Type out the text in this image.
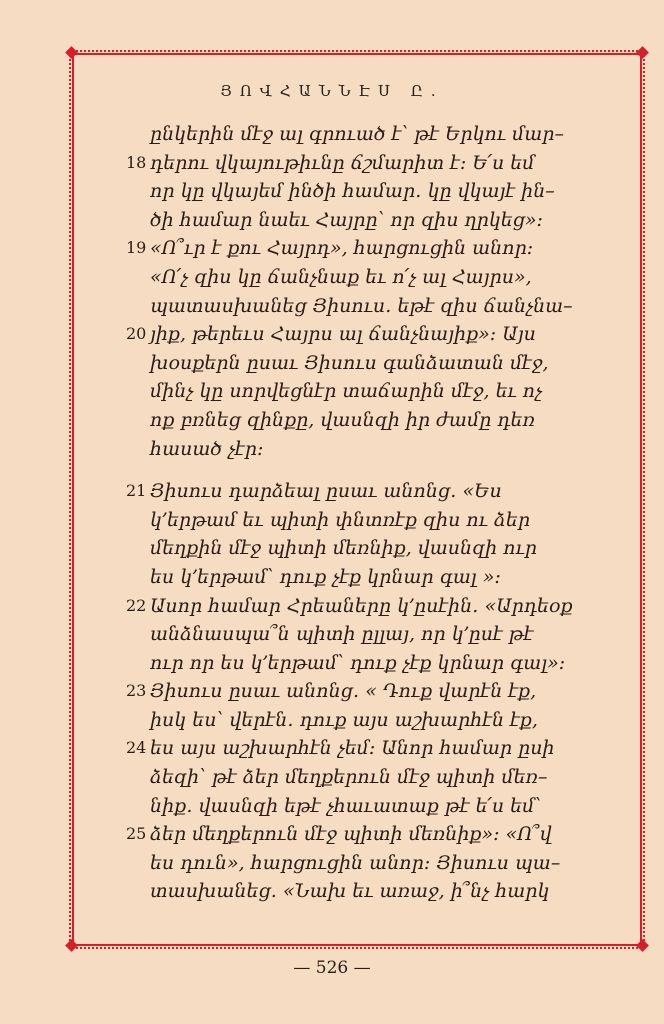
ՅՈՎՀԱՆՆԷՍ Ը.
ընկերին մէջ ալ գրուած է՝ թէ Երկու մար–
18 դերու վկայութիւնը ճշմարիտ է։ Ե՛ս եմ
որ կը վկայեմ ինծի համար․ կը վկայէ ին–
ծի համար նաեւ Հայրը՝ որ զիս ղրկեց»։
19 «Ո՞ւր է քու Հայրդ», հարցուցին անոր։
«Ո՛չ զիս կը ճանչնաք եւ ո՛չ ալ Հայրս»,
պատասխանեց Յիսուս․ եթէ զիս ճանչնա–
20 յիք, թերեւս Հայրս ալ ճանչնայիք»։ Այս
խօսքերն ըսաւ Յիսուս գանձատան մէջ,
մինչ կը սորվեցնէր տաճարին մէջ, եւ ոչ
ոք բռնեց զինքը, վասնզի իր ժամը դեռ
հասած չէր։
21 Յիսուս դարձեալ ըսաւ անոնց․ «Ես
կ՚երթամ եւ պիտի փնտռէք զիս ու ձեր
մեղքին մէջ պիտի մեռնիք, վասնզի ուր
ես կ՚երթամ՝ դուք չէք կրնար գալ »։
22 Ասոր համար Հրեաները կ՚ըսէին․ «Արդեօք
անձնասպա՞ն պիտի ըլլայ, որ կ՚ըսէ թէ
ուր որ ես կ՚երթամ՝ դուք չէք կրնար գալ»։
23 Յիսուս ըսաւ անոնց․ « Դուք վարէն էք,
իսկ ես՝ վերէն․ դուք այս աշխարհէն էք,
24 ես այս աշխարհէն չեմ։ Անոր համար ըսի
ձեզի՝ թէ ձեր մեղքերուն մէջ պիտի մեռ–
նիք․ վասնզի եթէ չհաւատաք թէ ե՛ս եմ՝
25 ձեր մեղքերուն մէջ պիտի մեռնիք»։ «Ո՞վ
ես դուն», հարցուցին անոր։ Յիսուս պա–
տասխանեց․ «Նախ եւ առաջ, ի՞նչ հարկ
— 526 —
